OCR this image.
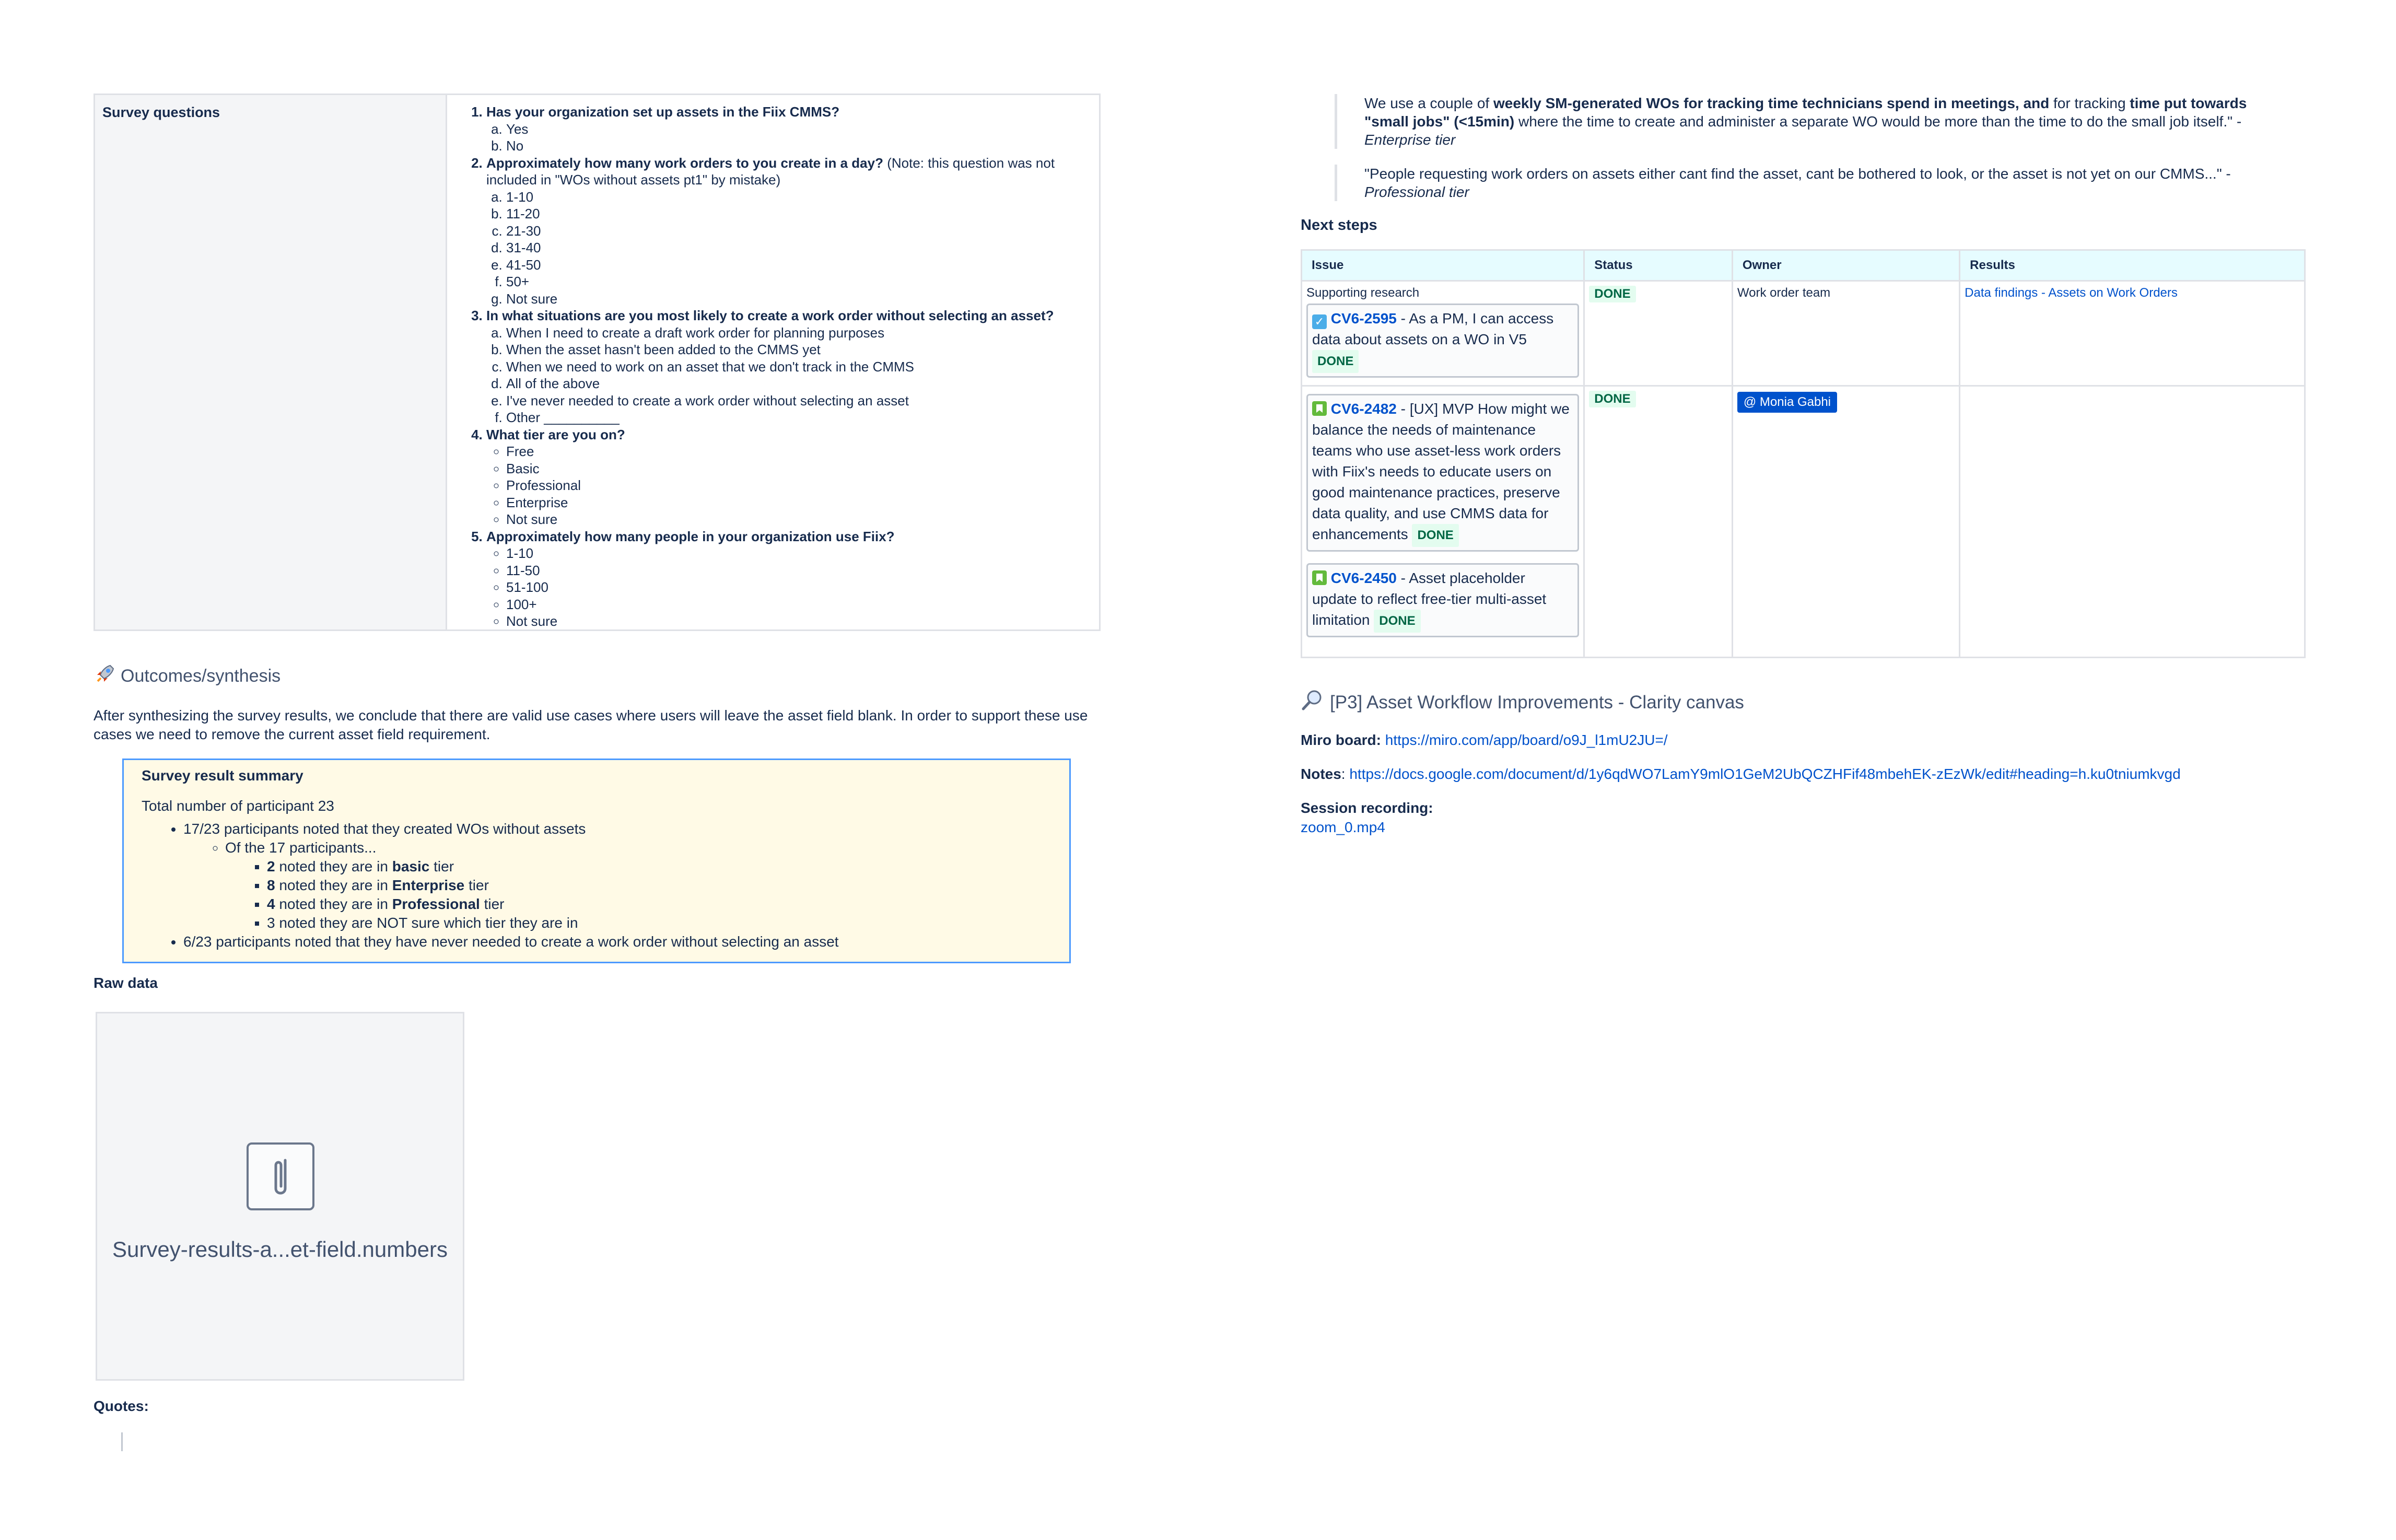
Survey questions	1. Has your organization set up assets in the Fiix CMMS?
a. Yes
b. No
2. Approximately how many work orders to you create in a day? (Note: this question was not included in "WOs without assets pt1" by mistake)
a. 1-10
b. 11-20
c. 21-30
d. 31-40
e. 41-50
f. 50+
g. Not sure
3. In what situations are you most likely to create a work order without selecting an asset?
a. When I need to create a draft work order for planning purposes
b. When the asset hasn't been added to the CMMS yet
c. When we need to work on an asset that we don't track in the CMMS
d. All of the above
e. I've never needed to create a work order without selecting an asset
f. Other __________
4. What tier are you on?
◦ Free
◦ Basic
◦ Professional
◦ Enterprise
◦ Not sure
5. Approximately how many people in your organization use Fiix?
◦ 1-10
◦ 11-50
◦ 51-100
◦ 100+
◦ Not sure
Outcomes/synthesis
After synthesizing the survey results, we conclude that there are valid use cases where users will leave the asset field blank. In order to support these use cases we need to remove the current asset field requirement.
Survey result summary
Total number of participant 23
• 17/23 participants noted that they created WOs without assets
◦ Of the 17 participants...
▪ 2 noted they are in basic tier
▪ 8 noted they are in Enterprise tier
▪ 4 noted they are in Professional tier
▪ 3 noted they are NOT sure which tier they are in
• 6/23 participants noted that they have never needed to create a work order without selecting an asset
Raw data
Survey-results-a...et-field.numbers
Quotes:
We use a couple of weekly SM-generated WOs for tracking time technicians spend in meetings, and for tracking time put towards "small jobs" (<15min) where the time to create and administer a separate WO would be more than the time to do the small job itself." - Enterprise tier
"People requesting work orders on assets either cant find the asset, cant be bothered to look, or the asset is not yet on our CMMS..." - Professional tier
Next steps
Issue	Status	Owner	Results

Supporting research
✓ CV6-2595 - As a PM, I can access data about assets on a WO in V5 DONE	DONE	Work order team	Data findings - Assets on Work Orders

CV6-2482 - [UX] MVP How might we balance the needs of maintenance teams who use asset-less work orders with Fiix's needs to educate users on good maintenance practices, preserve data quality, and use CMMS data for enhancements DONE
CV6-2450 - Asset placeholder update to reflect free-tier multi-asset limitation DONE	DONE	@ Monia Gabhi	
[P3] Asset Workflow Improvements - Clarity canvas
Miro board: https://miro.com/app/board/o9J_l1mU2JU=/
Notes: https://docs.google.com/document/d/1y6qdWO7LamY9mlO1GeM2UbQCZHFif48mbehEK-zEzWk/edit#heading=h.ku0tniumkvgd
Session recording:
zoom_0.mp4
